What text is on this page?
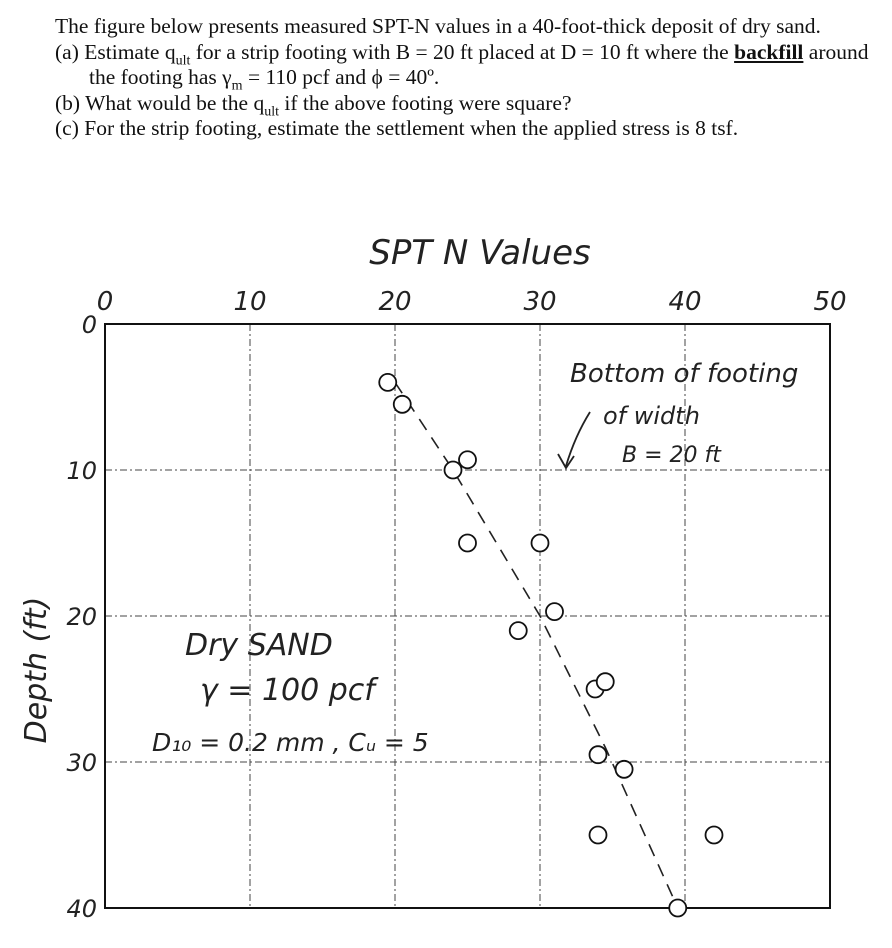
The figure below presents measured SPT-N values in a 40-foot-thick deposit of dry sand.

(a) Estimate $q_{ult}$ for a strip footing with B = 20 ft placed at D = 10 ft where the backfill around the footing has $\gamma_m = 110$ pcf and ϕ = 40º.

(b) What would be the $q_{ult}$ if the above footing were square?

(c) For the strip footing, estimate the settlement when the applied stress is 8 tsf.

SPT N Values
Depth (ft)
0	10	20	30	40	50
0
10
20
30
40
Bottom of footing
of width
B = 20 ft
Dry SAND
γ = 100 pcf
D₁₀ = 0.2 mm , Cᵤ = 5
